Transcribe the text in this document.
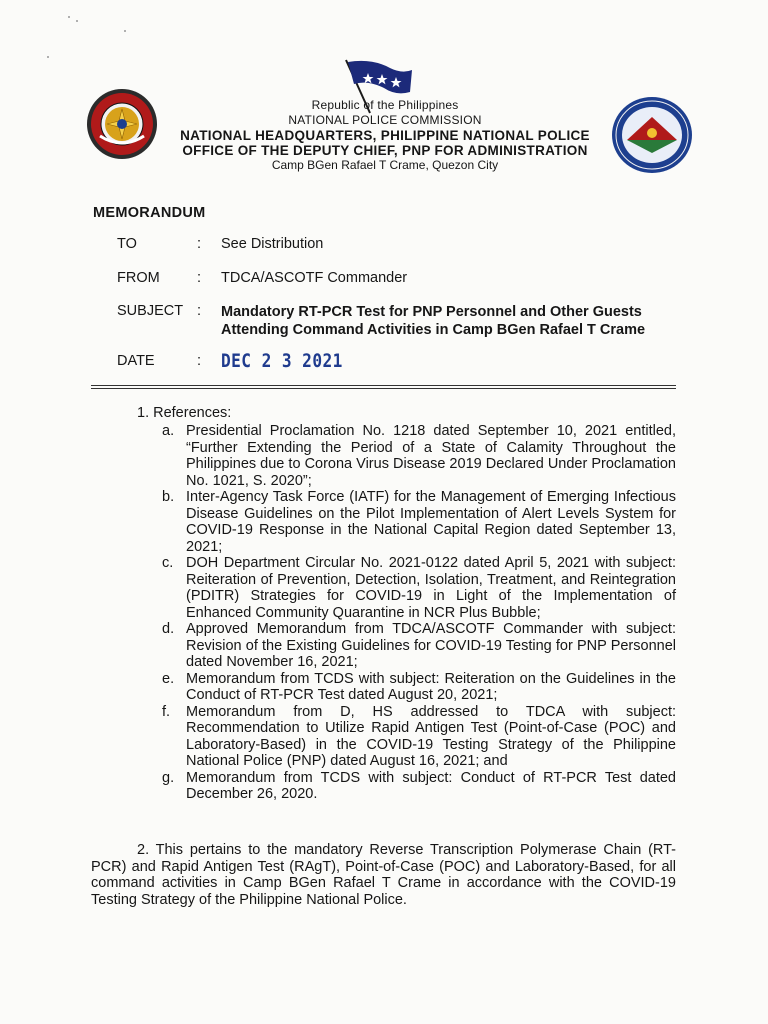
Republic of the Philippines
NATIONAL POLICE COMMISSION
NATIONAL HEADQUARTERS, PHILIPPINE NATIONAL POLICE
OFFICE OF THE DEPUTY CHIEF, PNP FOR ADMINISTRATION
Camp BGen Rafael T Crame, Quezon City
MEMORANDUM
TO	:	See Distribution
FROM	:	TDCA/ASCOTF Commander
SUBJECT :	Mandatory RT-PCR Test for PNP Personnel and Other Guests Attending Command Activities in Camp BGen Rafael T Crame
DATE	:	DEC 2 3 2021
1. References:
a. Presidential Proclamation No. 1218 dated September 10, 2021 entitled, “Further Extending the Period of a State of Calamity Throughout the Philippines due to Corona Virus Disease 2019 Declared Under Proclamation No. 1021, S. 2020”;
b. Inter-Agency Task Force (IATF) for the Management of Emerging Infectious Disease Guidelines on the Pilot Implementation of Alert Levels System for COVID-19 Response in the National Capital Region dated September 13, 2021;
c. DOH Department Circular No. 2021-0122 dated April 5, 2021 with subject: Reiteration of Prevention, Detection, Isolation, Treatment, and Reintegration (PDITR) Strategies for COVID-19 in Light of the Implementation of Enhanced Community Quarantine in NCR Plus Bubble;
d. Approved Memorandum from TDCA/ASCOTF Commander with subject: Revision of the Existing Guidelines for COVID-19 Testing for PNP Personnel dated November 16, 2021;
e. Memorandum from TCDS with subject: Reiteration on the Guidelines in the Conduct of RT-PCR Test dated August 20, 2021;
f.	Memorandum from D, HS addressed to TDCA with subject: Recommendation to Utilize Rapid Antigen Test (Point-of-Case (POC) and Laboratory-Based) in the COVID-19 Testing Strategy of the Philippine National Police (PNP) dated August 16, 2021; and
g. Memorandum from TCDS with subject: Conduct of RT-PCR Test dated December 26, 2020.
2. This pertains to the mandatory Reverse Transcription Polymerase Chain (RT-PCR) and Rapid Antigen Test (RAgT), Point-of-Case (POC) and Laboratory-Based, for all command activities in Camp BGen Rafael T Crame in accordance with the COVID-19 Testing Strategy of the Philippine National Police.
